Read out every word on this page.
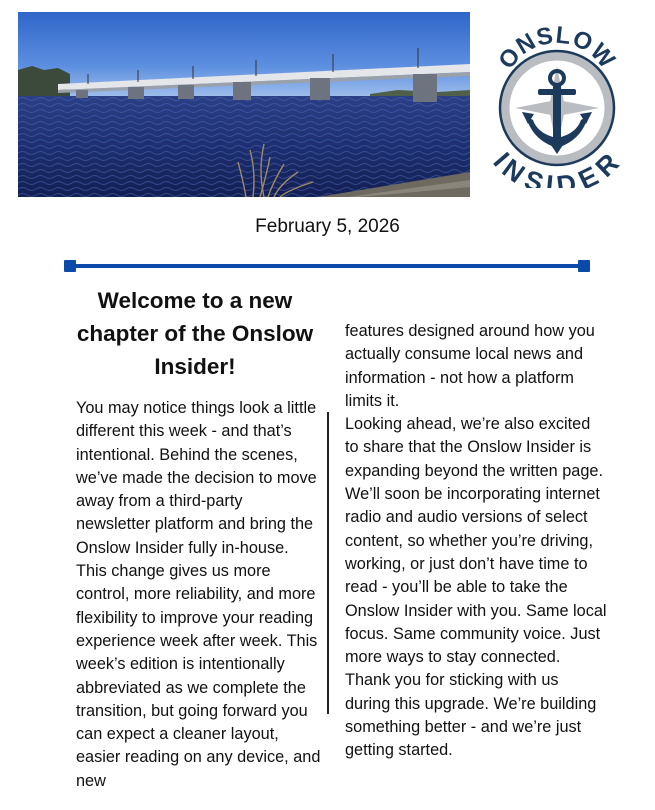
ONSLOW
INSIDER
February 5, 2026
Welcome to a new chapter of the Onslow Insider!

You may notice things look a little different this week - and that’s intentional. Behind the scenes, we’ve made the decision to move away from a third-party newsletter platform and bring the Onslow Insider fully in-house. This change gives us more control, more reliability, and more flexibility to improve your reading experience week after week. This week’s edition is intentionally abbreviated as we complete the transition, but going forward you can expect a cleaner layout, easier reading on any device, and new

features designed around how you actually consume local news and information - not how a platform limits it.

Looking ahead, we’re also excited to share that the Onslow Insider is expanding beyond the written page. We’ll soon be incorporating internet radio and audio versions of select content, so whether you’re driving, working, or just don’t have time to read - you’ll be able to take the Onslow Insider with you. Same local focus. Same community voice. Just more ways to stay connected.

Thank you for sticking with us during this upgrade. We’re building something better - and we’re just getting started.
